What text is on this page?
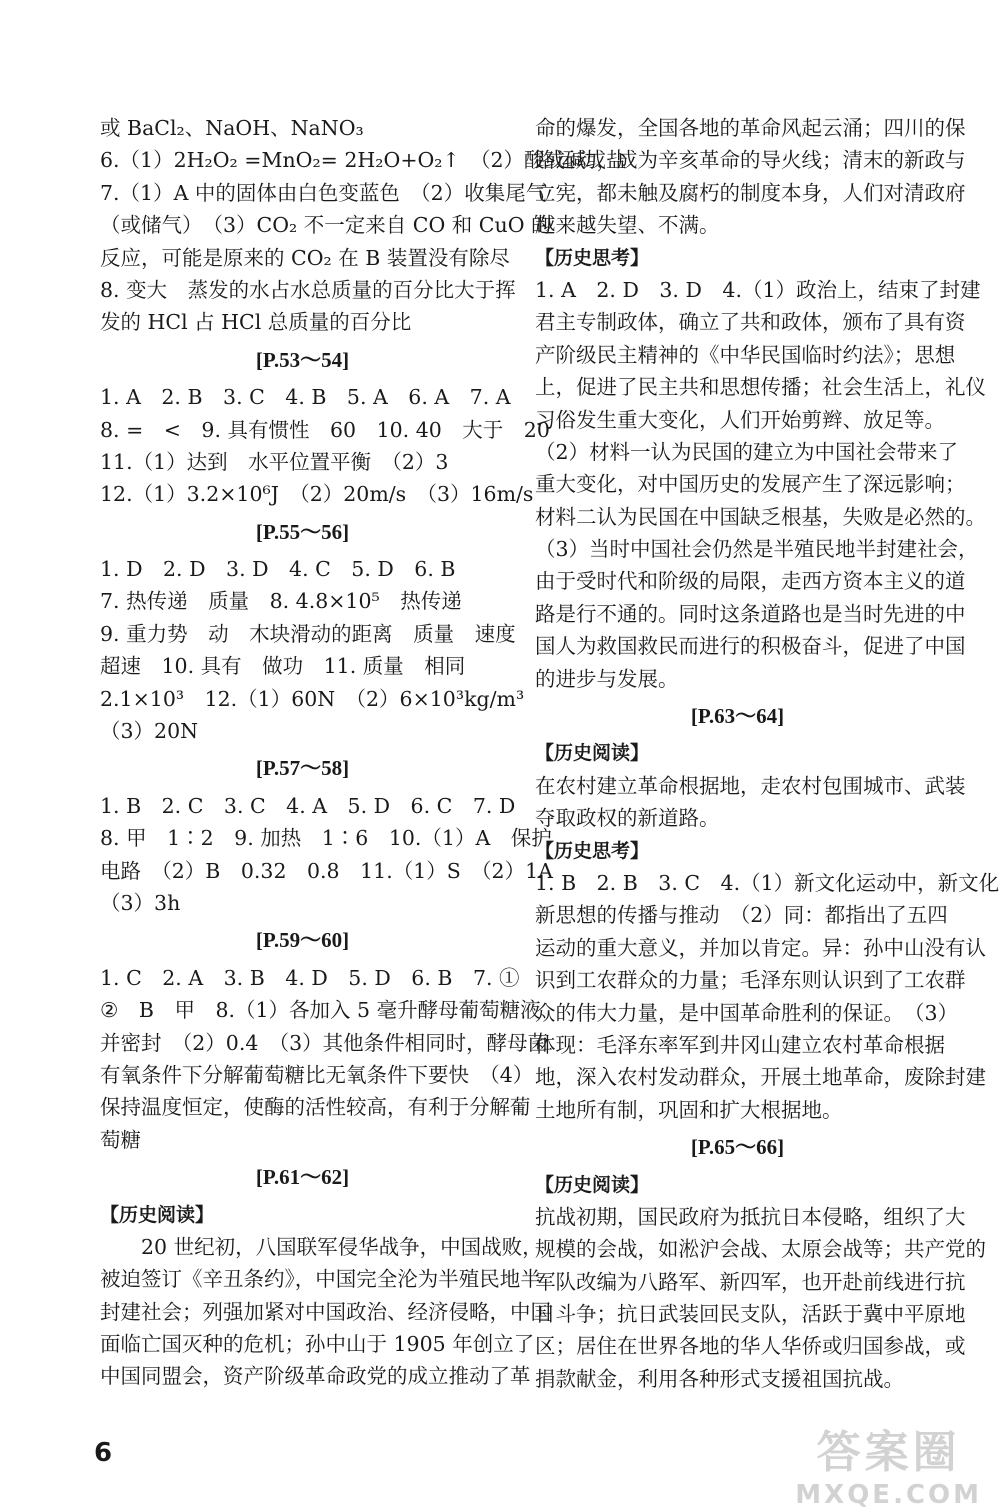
或 BaCl₂、NaOH、NaNO₃
6.（1）2H₂O₂ =MnO₂= 2H₂O+O₂↑　（2）酸或碱或盐
7.（1）A 中的固体由白色变蓝色　（2）收集尾气
（或储气）　（3）CO₂ 不一定来自 CO 和 CuO 的
反应，可能是原来的 CO₂ 在 B 装置没有除尽
8. 变大　蒸发的水占水总质量的百分比大于挥
发的 HCl 占 HCl 总质量的百分比
[P.53～54]
1. A　2. B　3. C　4. B　5. A　6. A　7. A
8. =　<　9. 具有惯性　60　10. 40　大于　20
11.（1）达到　水平位置平衡　（2）3
12.（1）3.2×10⁶J　（2）20m/s　（3）16m/s
[P.55～56]
1. D　2. D　3. D　4. C　5. D　6. B
7. 热传递　质量　8. 4.8×10⁵　热传递
9. 重力势　动　木块滑动的距离　质量　速度
超速　10. 具有　做功　11. 质量　相同
2.1×10³　12.（1）60N　（2）6×10³kg/m³
（3）20N
[P.57～58]
1. B　2. C　3. C　4. A　5. D　6. C　7. D
8. 甲　1∶2　9. 加热　1∶6　10.（1）A　保护
电路　（2）B　0.32　0.8　11.（1）S　（2）1A
（3）3h
[P.59～60]
1. C　2. A　3. B　4. D　5. D　6. B　7. ①
②　B　甲　8.（1）各加入 5 毫升酵母葡萄糖液
并密封　（2）0.4　（3）其他条件相同时，酵母菌
有氧条件下分解葡萄糖比无氧条件下要快　（4）
保持温度恒定，使酶的活性较高，有利于分解葡
萄糖
[P.61～62]
【历史阅读】
20 世纪初，八国联军侵华战争，中国战败，
被迫签订《辛丑条约》，中国完全沦为半殖民地半
封建社会；列强加紧对中国政治、经济侵略，中国
面临亡国灭种的危机；孙中山于 1905 年创立了
中国同盟会，资产阶级革命政党的成立推动了革
命的爆发，全国各地的革命风起云涌；四川的保
路运动，成为辛亥革命的导火线；清末的新政与
立宪，都未触及腐朽的制度本身，人们对清政府
越来越失望、不满。
【历史思考】
1. A　2. D　3. D　4.（1）政治上，结束了封建
君主专制政体，确立了共和政体，颁布了具有资
产阶级民主精神的《中华民国临时约法》；思想
上，促进了民主共和思想传播；社会生活上，礼仪
习俗发生重大变化，人们开始剪辫、放足等。
（2）材料一认为民国的建立为中国社会带来了
重大变化，对中国历史的发展产生了深远影响；
材料二认为民国在中国缺乏根基，失败是必然的。
（3）当时中国社会仍然是半殖民地半封建社会，
由于受时代和阶级的局限，走西方资本主义的道
路是行不通的。同时这条道路也是当时先进的中
国人为救国救民而进行的积极奋斗，促进了中国
的进步与发展。
[P.63～64]
【历史阅读】
在农村建立革命根据地，走农村包围城市、武装
夺取政权的新道路。
【历史思考】
1. B　2. B　3. C　4.（1）新文化运动中，新文化
新思想的传播与推动　（2）同：都指出了五四
运动的重大意义，并加以肯定。异：孙中山没有认
识到工农群众的力量；毛泽东则认识到了工农群
众的伟大力量，是中国革命胜利的保证。　（3）
体现：毛泽东率军到井冈山建立农村革命根据
地，深入农村发动群众，开展土地革命，废除封建
土地所有制，巩固和扩大根据地。
[P.65～66]
【历史阅读】
抗战初期，国民政府为抵抗日本侵略，组织了大
规模的会战，如淞沪会战、太原会战等；共产党的
军队改编为八路军、新四军，也开赴前线进行抗
日斗争；抗日武装回民支队，活跃于冀中平原地
区；居住在世界各地的华人华侨或归国参战，或
捐款献金，利用各种形式支援祖国抗战。
6	答案圈
MXQE.COM
